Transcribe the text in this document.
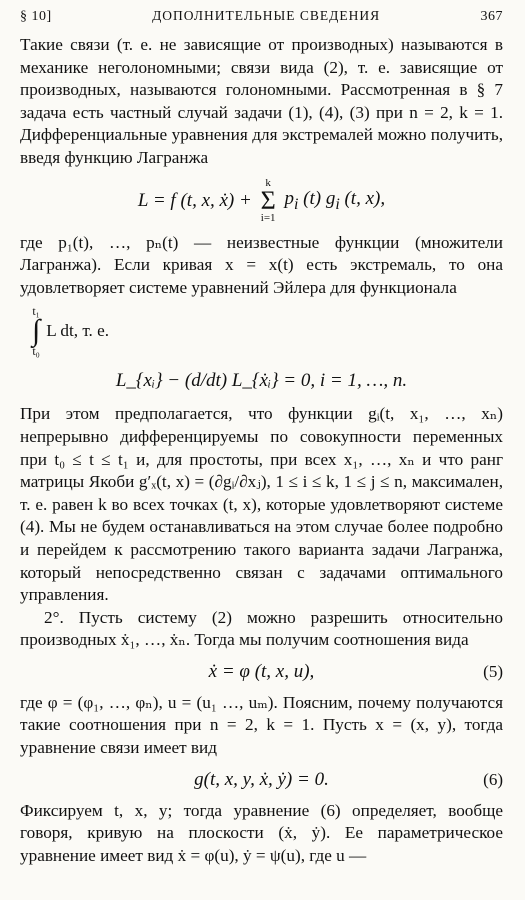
§ 10]	ДОПОЛНИТЕЛЬНЫЕ СВЕДЕНИЯ	367

Такие связи (т. е. не зависящие от производных) называются в механике неголономными; связи вида (2), т. е. зависящие от производных, называются голономными. Рассмотренная в § 7 задача есть частный случай задачи (1), (4), (3) при n = 2, k = 1. Дифференциальные уравнения для экстремалей можно получить, введя функцию Лагранжа

L = f (t, x, ẋ) +
k
Σ
i=1
$p_i$ (t) $g_i$ (t, x),

где p₁(t), …, pₙ(t) — неизвестные функции (множители Лагранжа). Если кривая x = x(t) есть экстремаль, то она удовлетворяет системе уравнений Эйлера для функционала

t₁
∫
t₀
L dt, т. е.
L_{xᵢ} − (d/dt) L_{ẋᵢ} = 0, i = 1, …, n.

При этом предполагается, что функции gᵢ(t, x₁, …, xₙ) непрерывно дифференцируемы по совокупности переменных при t₀ ≤ t ≤ t₁ и, для простоты, при всех x₁, …, xₙ и что ранг матрицы Якоби g′ₓ(t, x) = (∂gᵢ/∂xⱼ), 1 ≤ i ≤ k, 1 ≤ j ≤ n, максимален, т. е. равен k во всех точках (t, x), которые удовлетворяют системе (4). Мы не будем останавливаться на этом случае более подробно и перейдем к рассмотрению такого варианта задачи Лагранжа, который непосредственно связан с задачами оптимального управления.

2°. Пусть систему (2) можно разрешить относительно производных ẋ₁, …, ẋₙ. Тогда мы получим соотношения вида

ẋ = φ (t, x, u),	(5)

где φ = (φ₁, …, φₙ), u = (u₁ …, uₘ). Поясним, почему получаются такие соотношения при n = 2, k = 1. Пусть x = (x, y), тогда уравнение связи имеет вид

g(t, x, y, ẋ, ẏ) = 0.	(6)

Фиксируем t, x, y; тогда уравнение (6) определяет, вообще говоря, кривую на плоскости (ẋ, ẏ). Ее параметрическое уравнение имеет вид ẋ = φ(u), ẏ = ψ(u), где u —
